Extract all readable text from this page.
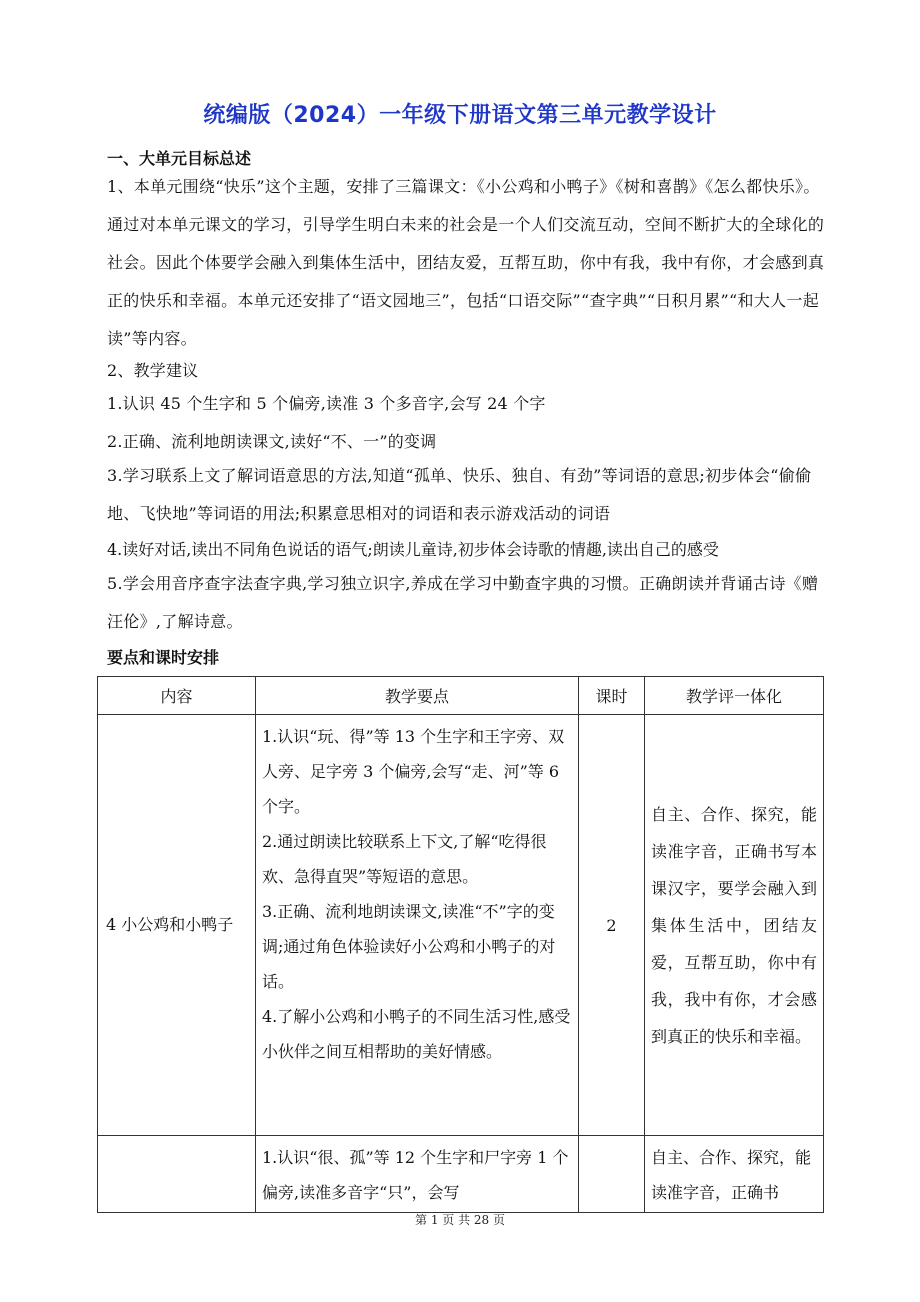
统编版（2024）一年级下册语文第三单元教学设计
一、大单元目标总述
1、本单元围绕“快乐”这个主题，安排了三篇课文：《小公鸡和小鸭子》《树和喜鹊》《怎么都快乐》。通过对本单元课文的学习，引导学生明白未来的社会是一个人们交流互动，空间不断扩大的全球化的社会。因此个体要学会融入到集体生活中，团结友爱，互帮互助，你中有我，我中有你，才会感到真正的快乐和幸福。本单元还安排了“语文园地三”，包括“口语交际”“查字典”“日积月累”“和大人一起读”等内容。
2、教学建议
1.认识 45 个生字和 5 个偏旁,读准 3 个多音字,会写 24 个字
2.正确、流利地朗读课文,读好“不、一”的变调
3.学习联系上文了解词语意思的方法,知道“孤单、快乐、独自、有劲”等词语的意思;初步体会“偷偷地、飞快地”等词语的用法;积累意思相对的词语和表示游戏活动的词语
4.读好对话,读出不同角色说话的语气;朗读儿童诗,初步体会诗歌的情趣,读出自己的感受
5.学会用音序查字法查字典,学习独立识字,养成在学习中勤查字典的习惯。正确朗读并背诵古诗《赠汪伦》,了解诗意。
要点和课时安排
内容	教学要点	课时	教学评一体化
4 小公鸡和小鸭子	1.认识“玩、得”等 13 个生字和王字旁、双人旁、足字旁 3 个偏旁,会写“走、河”等 6 个字。
2.通过朗读比较联系上下文,了解“吃得很欢、急得直哭”等短语的意思。
3.正确、流利地朗读课文,读准“不”字的变调;通过角色体验读好小公鸡和小鸭子的对话。
4.了解小公鸡和小鸭子的不同生活习性,感受小伙伴之间互相帮助的美好情感。	2	自主、合作、探究，能读准字音，正确书写本课汉字，要学会融入到集体生活中，团结友爱，互帮互助，你中有我，我中有你，才会感到真正的快乐和幸福。

	1.认识“很、孤”等 12 个生字和尸字旁 1 个偏旁,读准多音字“只”，会写		自主、合作、探究，能读准字音，正确书
第 1 页 共 28 页
